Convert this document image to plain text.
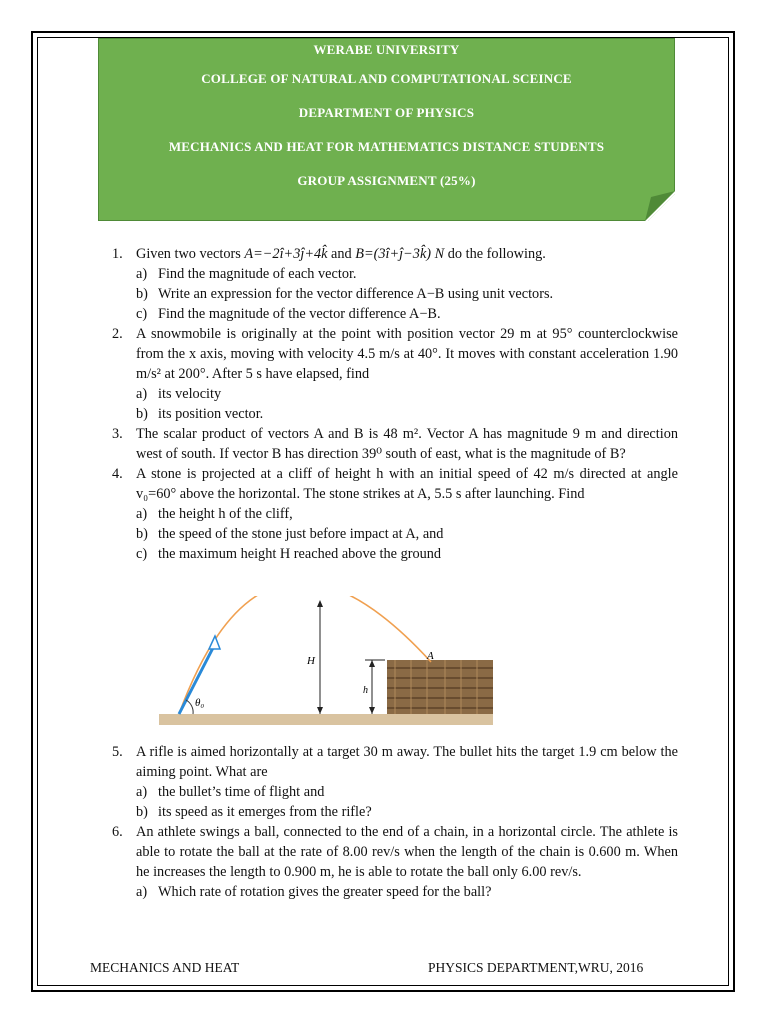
WERABE UNIVERSITY
COLLEGE OF NATURAL AND COMPUTATIONAL SCEINCE
DEPARTMENT OF PHYSICS
MECHANICS AND HEAT FOR MATHEMATICS DISTANCE STUDENTS
GROUP ASSIGNMENT (25%)
1. Given two vectors A=−2î+3ĵ+4k̂ and B=(3î+ĵ−3k̂) N do the following.
a) Find the magnitude of each vector.
b) Write an expression for the vector difference A−B using unit vectors.
c) Find the magnitude of the vector difference A−B.
2. A snowmobile is originally at the point with position vector 29 m at 95° counterclockwise from the x axis, moving with velocity 4.5 m/s at 40°. It moves with constant acceleration 1.90 m/s² at 200°. After 5 s have elapsed, find
a) its velocity
b) its position vector.
3. The scalar product of vectors A and B is 48 m². Vector A has magnitude 9 m and direction west of south. If vector B has direction 39⁰ south of east, what is the magnitude of B?
4. A stone is projected at a cliff of height h with an initial speed of 42 m/s directed at angle v₀=60° above the horizontal. The stone strikes at A, 5.5 s after launching. Find
a) the height h of the cliff,
b) the speed of the stone just before impact at A, and
c) the maximum height H reached above the ground
5. A rifle is aimed horizontally at a target 30 m away. The bullet hits the target 1.9 cm below the aiming point. What are
a) the bullet’s time of flight and
b) its speed as it emerges from the rifle?
6. An athlete swings a ball, connected to the end of a chain, in a horizontal circle. The athlete is able to rotate the ball at the rate of 8.00 rev/s when the length of the chain is 0.600 m. When he increases the length to 0.900 m, he is able to rotate the ball only 6.00 rev/s.
a) Which rate of rotation gives the greater speed for the ball?
θ₀
H
h
A
MECHANICS AND HEAT	PHYSICS DEPARTMENT,WRU, 2016
